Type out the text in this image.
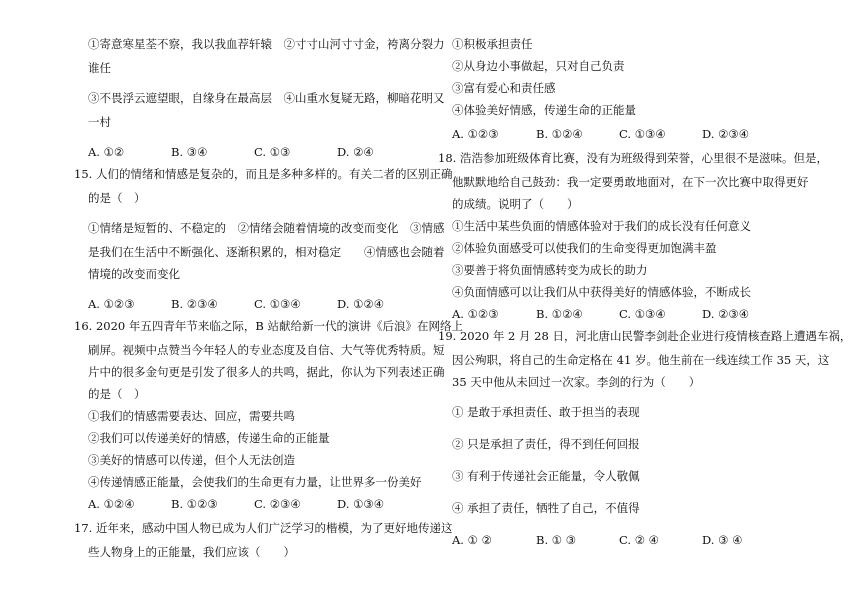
①寄意寒星荃不察，我以我血荐轩辕　②寸寸山河寸寸金，袴离分裂力
谁任
③不畏浮云遮望眼，自缘身在最高层　④山重水复疑无路，柳暗花明又
一村
A. ①②	B. ③④	C. ①③	D. ②④
15. 人们的情绪和情感是复杂的，而且是多种多样的。有关二者的区别正确
的是（　）
①情绪是短暂的、不稳定的　②情绪会随着情境的改变而变化　③情感
是我们在生活中不断强化、逐渐积累的，相对稳定　　④情感也会随着
情境的改变而变化
A. ①②③	B. ②③④	C. ①③④	D. ①②④
16. 2020 年五四青年节来临之际，B 站献给新一代的演讲《后浪》在网络上
刷屏。视频中点赞当今年轻人的专业态度及自信、大气等优秀特质。短
片中的很多金句更是引发了很多人的共鸣，据此，你认为下列表述正确
的是（　）
①我们的情感需要表达、回应，需要共鸣
②我们可以传递美好的情感，传递生命的正能量
③美好的情感可以传递，但个人无法创造
④传递情感正能量，会使我们的生命更有力量，让世界多一份美好
A. ①②④	B. ①②③	C. ②③④	D. ①③④
17. 近年来，感动中国人物已成为人们广泛学习的楷模，为了更好地传递这
些人物身上的正能量，我们应该（　　）
①积极承担责任
②从身边小事做起，只对自己负责
③富有爱心和责任感
④体验美好情感，传递生命的正能量
A. ①②③	B. ①②④	C. ①③④	D. ②③④
18. 浩浩参加班级体育比赛，没有为班级得到荣誉，心里很不是滋味。但是，
他默默地给自己鼓劲：我一定要勇敢地面对，在下一次比赛中取得更好
的成绩。说明了（　　）
①生活中某些负面的情感体验对于我们的成长没有任何意义
②体验负面感受可以使我们的生命变得更加饱满丰盈
③要善于将负面情感转变为成长的助力
④负面情感可以让我们从中获得美好的情感体验，不断成长
A. ①②③	B. ①②④	C. ①③④	D. ②③④
19. 2020 年 2 月 28 日，河北唐山民警李剑赴企业进行疫情核查路上遭遇车祸，
因公殉职，将自己的生命定格在 41 岁。他生前在一线连续工作 35 天，这
35 天中他从未回过一次家。李剑的行为（　　）
① 是敢于承担责任、敢于担当的表现
② 只是承担了责任，得不到任何回报
③ 有利于传递社会正能量，令人敬佩
④ 承担了责任，牺牲了自己，不值得
A. ① ②	B. ① ③	C. ② ④	D. ③ ④
